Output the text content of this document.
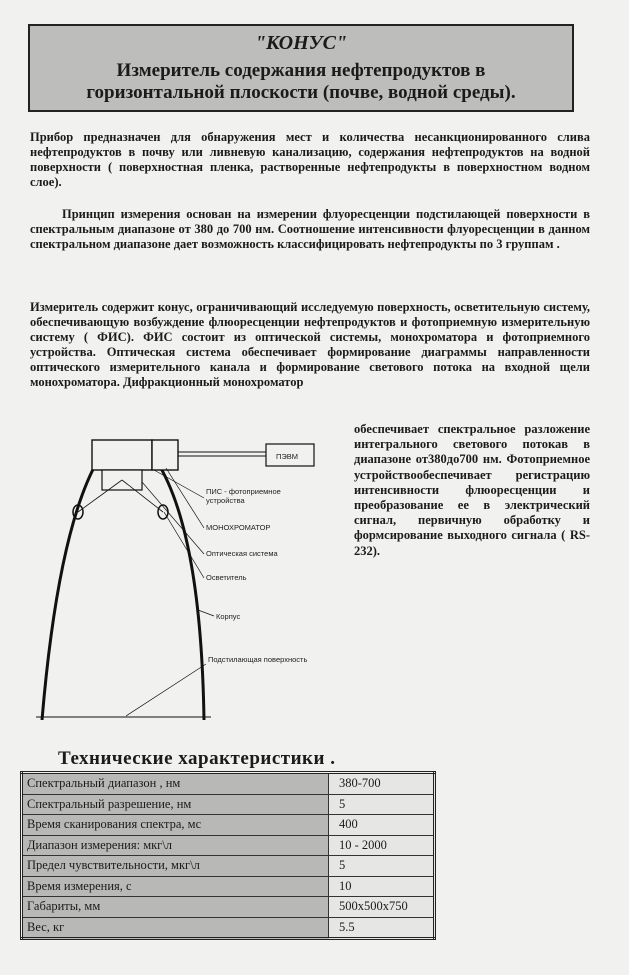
"КОНУС"
Измеритель содержания нефтепродуктов в
горизонтальной плоскости (почве, водной среды).
Прибор предназначен для обнаружения мест и количества несанкционированного слива нефтепродуктов в почву или ливневую канализацию, содержания нефтепродуктов на водной поверхности ( поверхностная пленка, растворенные нефтепродукты в поверхностном водном слое).
Принцип измерения основан на измерении флуоресценции подстилающей поверхности в спектральным диапазоне от 380 до 700 нм. Соотношение интенсивности флуоресценции в данном спектральном диапазоне дает возможность классифицировать нефтепродукты по 3 группам .
Измеритель содержит конус, ограничивающий исследуемую поверхность, осветительную систему, обеспечивающую возбуждение флюоресценции нефтепродуктов и фотоприемную измерительную систему ( ФИС). ФИС состоит из оптической системы, монохроматора и фотоприемного устройства. Оптическая система обеспечивает формирование диаграммы направленности оптического измерительного канала и формирование светового потока на входной щели монохроматора. Дифракционный монохроматор
ПЭВМ
ПИС - фотоприемное
устройства
МОНОХРОМАТОР
Оптическая система
Осветитель
Корпус
Подстилающая поверхность
обеспечивает спектральное разложение интегрального светового потокав в диапазоне от380до700 нм. Фотоприемное устройствообеспечивает регистрацию интенсивности флюоресценции и преобразование ее в электрический сигнал, первичную обработку и формсирование выходного сигнала ( RS-232).
Технические характеристики .
Спектральный диапазон , нм	380-700
Спектральный разрешение, нм	5
Время сканирования спектра, мс	400
Диапазон измерения: мкг\л	10 - 2000
Предел чувствительности, мкг\л	5
Время измерения, с	10
Габариты, мм	500х500х750
Вес, кг	5.5
